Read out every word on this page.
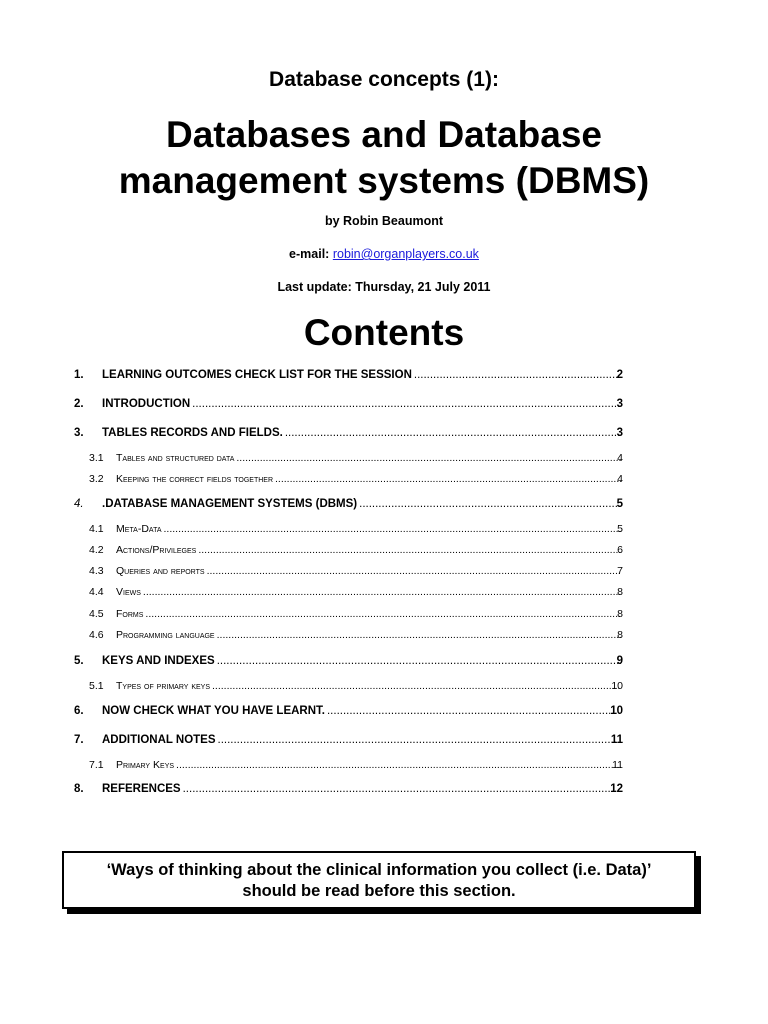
Database concepts (1):
Databases and Database
management systems (DBMS)
by Robin Beaumont
e-mail: robin@organplayers.co.uk
Last update: Thursday, 21 July 2011
Contents
1. LEARNING OUTCOMES CHECK LIST FOR THE SESSION .....	2
2. INTRODUCTION .....	3
3. TABLES RECORDS AND FIELDS. .....	3
3.1 Tables and structured data .....	4
3.2 Keeping the correct fields together .....	4
4. .DATABASE MANAGEMENT SYSTEMS (DBMS) .....	5
4.1 Meta-Data .....	5
4.2 Actions/Privileges .....	6
4.3 Queries and reports .....	7
4.4 Views .....	8
4.5 Forms .....	8
4.6 Programming language .....	8
5. KEYS AND INDEXES .....	9
5.1 Types of primary keys .....	10
6. NOW CHECK WHAT YOU HAVE LEARNT. .....	10
7. ADDITIONAL NOTES .....	11
7.1 Primary Keys .....	11
8. REFERENCES .....	12
‘Ways of thinking about the clinical information you collect (i.e. Data)’
should be read before this section.
